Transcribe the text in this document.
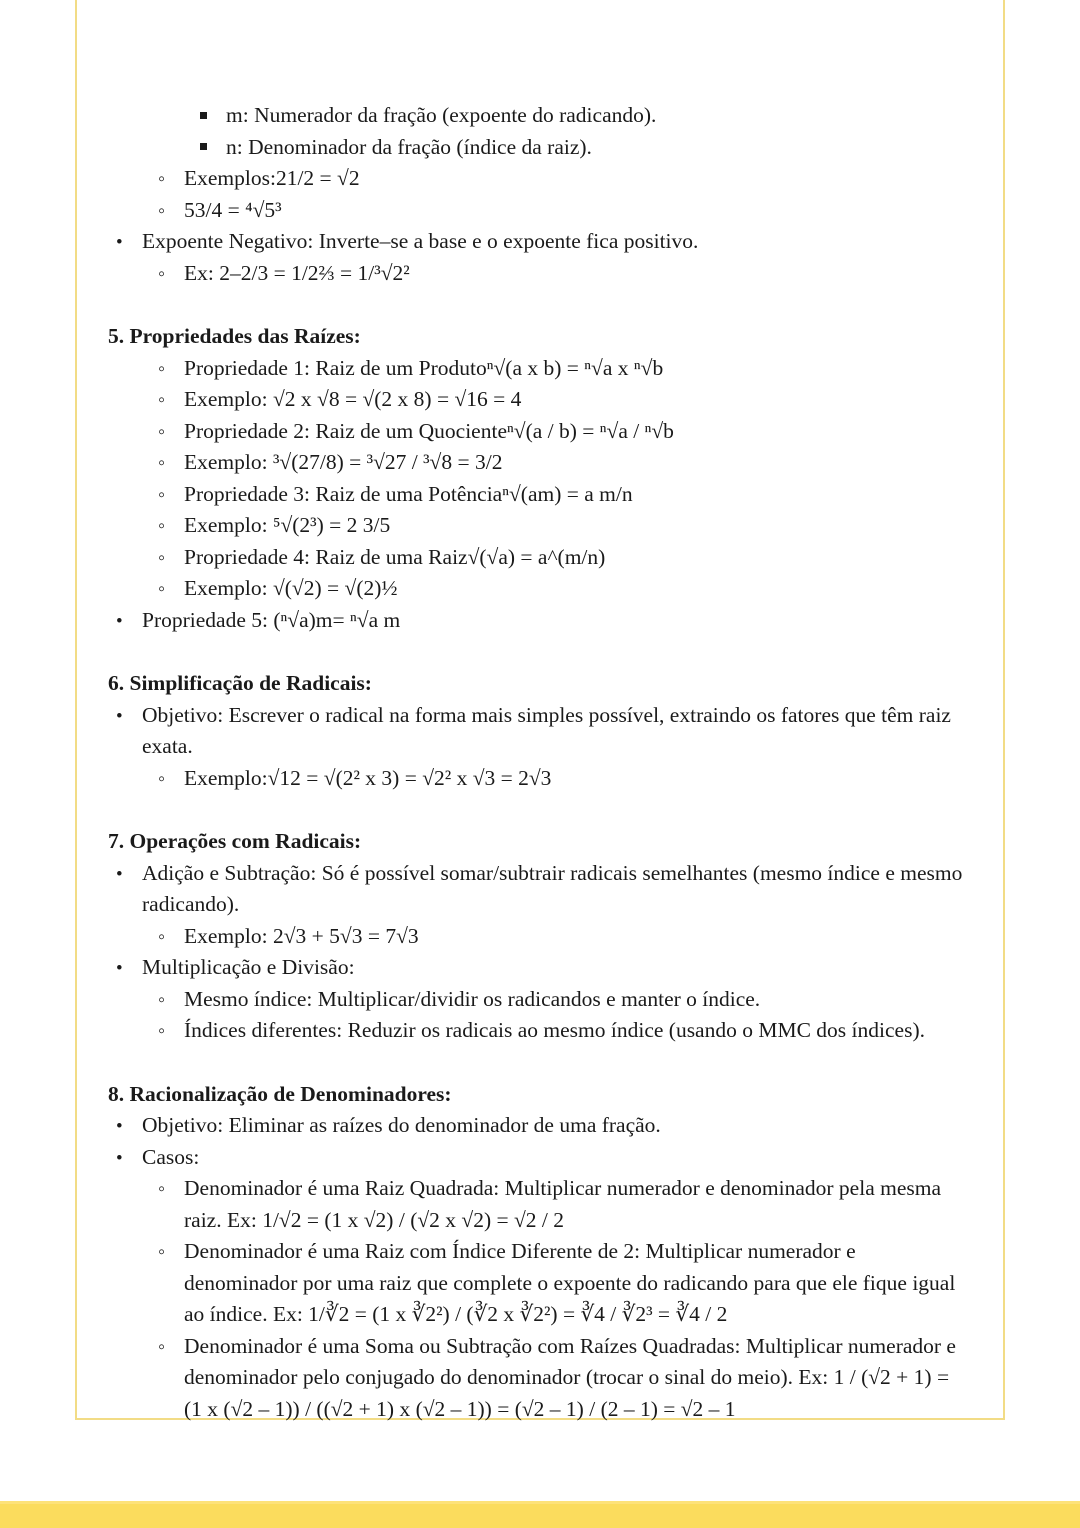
m: Numerador da fração (expoente do radicando).
n: Denominador da fração (índice da raiz).
◦
Exemplos:21/2 = √2
◦
53/4 = ⁴√5³
•
Expoente Negativo: Inverte–se a base e o expoente fica positivo.
◦
Ex: 2–2/3 = 1/2⅔ = 1/³√2²

5. Propriedades das Raízes:

◦
Propriedade 1: Raiz de um Produtoⁿ√(a x b) = ⁿ√a x ⁿ√b
◦
Exemplo: √2 x √8 = √(2 x 8) = √16 = 4
◦
Propriedade 2: Raiz de um Quocienteⁿ√(a / b) = ⁿ√a / ⁿ√b
◦
Exemplo: ³√(27/8) = ³√27 / ³√8 = 3/2
◦
Propriedade 3: Raiz de uma Potênciaⁿ√(am) = a m/n
◦
Exemplo: ⁵√(2³) = 2 3/5
◦
Propriedade 4: Raiz de uma Raiz√(√a) = a^(m/n)
◦
Exemplo: √(√2) = √(2)½
•
Propriedade 5: (ⁿ√a)m= ⁿ√a m

6. Simplificação de Radicais:

•
Objetivo: Escrever o radical na forma mais simples possível, extraindo os fatores que têm raiz exata.
◦
Exemplo:√12 = √(2² x 3) = √2² x √3 = 2√3

7. Operações com Radicais:

•
Adição e Subtração: Só é possível somar/subtrair radicais semelhantes (mesmo índice e mesmo radicando).
◦
Exemplo: 2√3 + 5√3 = 7√3
•
Multiplicação e Divisão:
◦
Mesmo índice: Multiplicar/dividir os radicandos e manter o índice.
◦
Índices diferentes: Reduzir os radicais ao mesmo índice (usando o MMC dos índices).

8. Racionalização de Denominadores:

•
Objetivo: Eliminar as raízes do denominador de uma fração.
•
Casos:
◦
Denominador é uma Raiz Quadrada: Multiplicar numerador e denominador pela mesma raiz. Ex: 1/√2 = (1 x √2) / (√2 x √2) = √2 / 2
◦
Denominador é uma Raiz com Índice Diferente de 2: Multiplicar numerador e denominador por uma raiz que complete o expoente do radicando para que ele fique igual ao índice. Ex: 1/∛2 = (1 x ∛2²) / (∛2 x ∛2²) = ∛4 / ∛2³ = ∛4 / 2
◦
Denominador é uma Soma ou Subtração com Raízes Quadradas: Multiplicar numerador e denominador pelo conjugado do denominador (trocar o sinal do meio). Ex: 1 / (√2 + 1) = (1 x (√2 – 1)) / ((√2 + 1) x (√2 – 1)) = (√2 – 1) / (2 – 1) = √2 – 1
